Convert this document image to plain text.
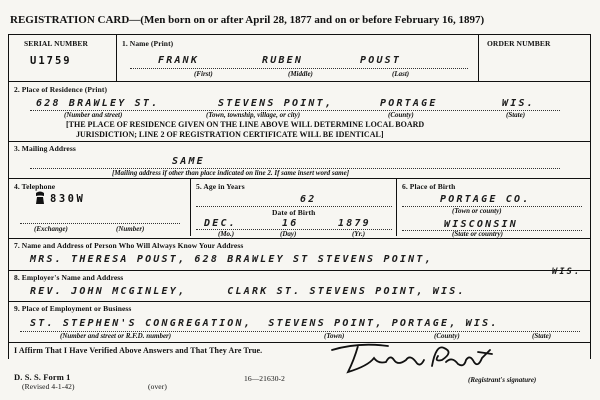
REGISTRATION CARD—(Men born on or after April 28, 1877 and on or before February 16, 1897)
SERIAL NUMBER
U1759
1. Name (Print)
FRANK	RUBEN	POUST
(First)	(Middle)	(Last)
ORDER NUMBER
2. Place of Residence (Print)
628 BRAWLEY ST.	STEVENS POINT,	PORTAGE	WIS.
(Number and street)	(Town, township, village, or city)	(County)	(State)
[THE PLACE OF RESIDENCE GIVEN ON THE LINE ABOVE WILL DETERMINE LOCAL BOARD
JURISDICTION; LINE 2 OF REGISTRATION CERTIFICATE WILL BE IDENTICAL]
3. Mailing Address
SAME
[Mailing address if other than place indicated on line 2. If same insert word same]
4. Telephone
830W
(Exchange)	(Number)
5. Age in Years
62
Date of Birth
DEC.	16	1879
(Mo.)	(Day)	(Yr.)
6. Place of Birth
PORTAGE CO.
(Town or county)
WISCONSIN
(State or country)
7. Name and Address of Person Who Will Always Know Your Address
MRS. THERESA POUST, 628 BRAWLEY ST STEVENS POINT,
WIS.
8. Employer's Name and Address
REV. JOHN MCGINLEY,     CLARK ST. STEVENS POINT, WIS.
9. Place of Employment or Business
ST. STEPHEN'S CONGREGATION,  STEVENS POINT, PORTAGE, WIS.
(Number and street or R.F.D. number)	(Town)	(County)	(State)
I Affirm That I Have Verified Above Answers and That They Are True.
(Registrant's signature)
D. S. S. Form 1
(Revised 4-1-42)	(over)
16—21630-2
